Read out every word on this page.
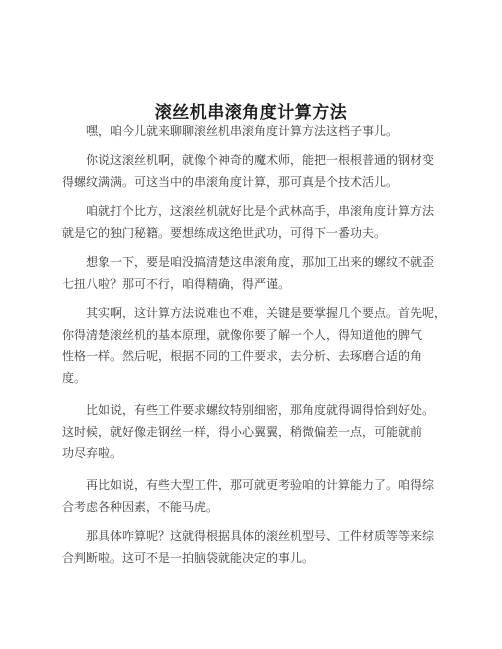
滚丝机串滚角度计算方法

嘿，咱今儿就来聊聊滚丝机串滚角度计算方法这档子事儿。

你说这滚丝机啊，就像个神奇的魔术师，能把一根根普通的钢材变
得螺纹满满。可这当中的串滚角度计算，那可真是个技术活儿。

咱就打个比方，这滚丝机就好比是个武林高手，串滚角度计算方法
就是它的独门秘籍。要想练成这绝世武功，可得下一番功夫。

想象一下，要是咱没搞清楚这串滚角度，那加工出来的螺纹不就歪
七扭八啦？那可不行，咱得精确，得严谨。

其实啊，这计算方法说难也不难，关键是要掌握几个要点。首先呢，
你得清楚滚丝机的基本原理，就像你要了解一个人，得知道他的脾气
性格一样。然后呢，根据不同的工件要求，去分析、去琢磨合适的角
度。

比如说，有些工件要求螺纹特别细密，那角度就得调得恰到好处。
这时候，就好像走钢丝一样，得小心翼翼，稍微偏差一点，可能就前
功尽弃啦。

再比如说，有些大型工件，那可就更考验咱的计算能力了。咱得综
合考虑各种因素，不能马虎。

那具体咋算呢？这就得根据具体的滚丝机型号、工件材质等等来综
合判断啦。这可不是一拍脑袋就能决定的事儿。
